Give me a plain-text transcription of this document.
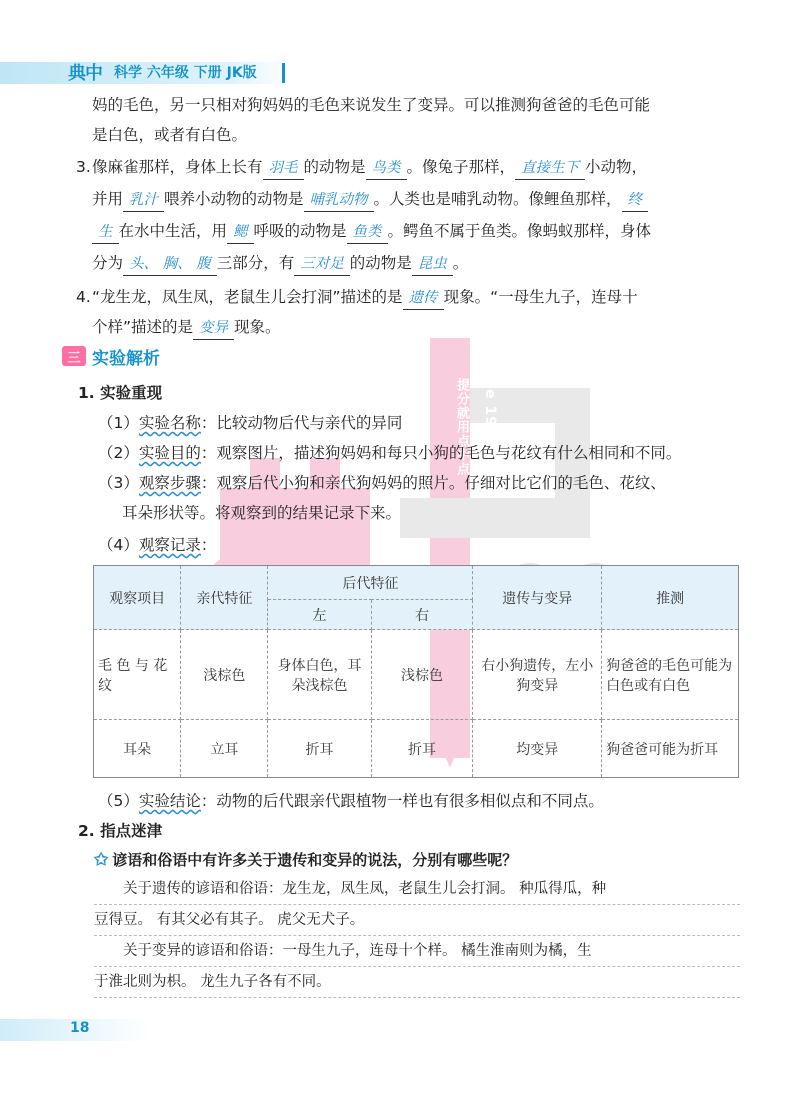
典中 科学 六年级 下册 JK版
Since 1990
提分就用点中点
妈的毛色，另一只相对狗妈妈的毛色来说发生了变异。可以推测狗爸爸的毛色可能
是白色，或者有白色。
3. 像麻雀那样，身体上长有 羽毛 的动物是 鸟类 。像兔子那样， 直接生下 小动物，
并用 乳汁 喂养小动物的动物是 哺乳动物 。人类也是哺乳动物。像鲤鱼那样， 终
生 在水中生活，用 鳃 呼吸的动物是 鱼类 。鳄鱼不属于鱼类。像蚂蚁那样，身体
分为 头、 胸、 腹 三部分，有 三对足 的动物是 昆虫 。
4. “龙生龙，凤生凤，老鼠生儿会打洞”描述的是 遗传 现象。“一母生九子，连母十
个样”描述的是 变异 现象。
三 实验解析
1. 实验重现
（1）实验名称：比较动物后代与亲代的异同
（2）实验目的：观察图片，描述狗妈妈和每只小狗的毛色与花纹有什么相同和不同。
（3）观察步骤：观察后代小狗和亲代狗妈妈的照片。仔细对比它们的毛色、花纹、
耳朵形状等。将观察到的结果记录下来。
（4）观察记录：
观察项目	亲代特征	后代特征		遗传与变异	推测
		左	右		
毛 色 与 花纹	浅棕色	身体白色，耳朵浅棕色	浅棕色	右小狗遗传，左小狗变异	狗爸爸的毛色可能为白色或有白色
耳朵	立耳	折耳	折耳	均变异	狗爸爸可能为折耳
（5）实验结论：动物的后代跟亲代跟植物一样也有很多相似点和不同点。
2. 指点迷津
✩ 谚语和俗语中有许多关于遗传和变异的说法，分别有哪些呢？
　　关于遗传的谚语和俗语：龙生龙，凤生凤，老鼠生儿会打洞。 种瓜得瓜，种
豆得豆。 有其父必有其子。 虎父无犬子。
　　关于变异的谚语和俗语：一母生九子，连母十个样。 橘生淮南则为橘，生
于淮北则为枳。 龙生九子各有不同。
18
